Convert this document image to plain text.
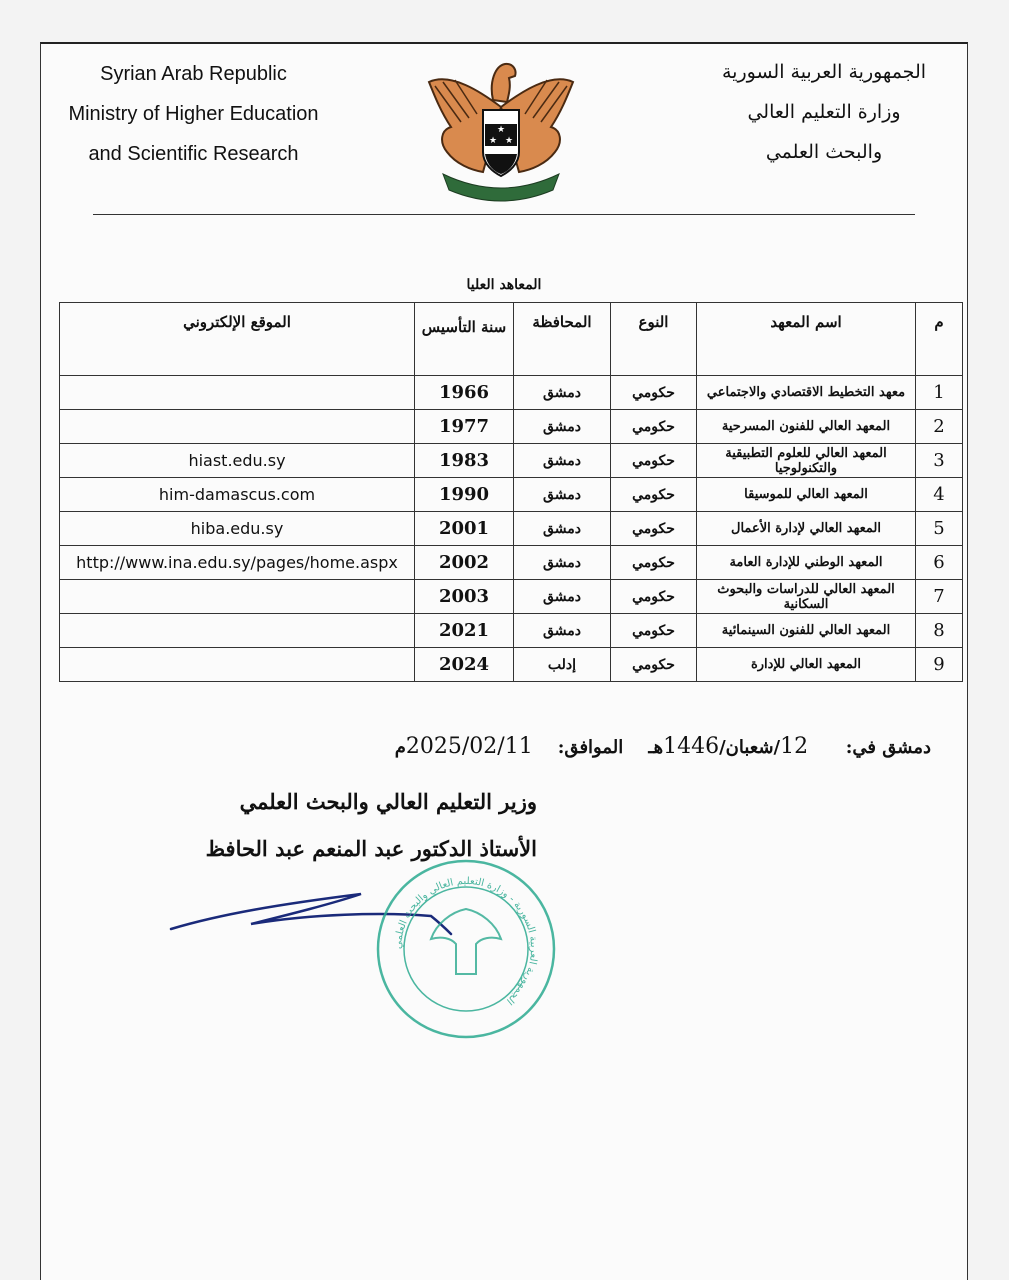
Syrian Arab Republic
Ministry of Higher Education
and Scientific Research
★
★ ★
الجمهورية العربية السورية
وزارة التعليم العالي
والبحث العلمي
المعاهد العليا
م	اسم المعهد	النوع	المحافظة	سنة التأسيس	الموقع الإلكتروني
1	معهد التخطيط الاقتصادي والاجتماعي	حكومي	دمشق	1966	
2	المعهد العالي للفنون المسرحية	حكومي	دمشق	1977	
3	المعهد العالي للعلوم التطبيقية والتكنولوجيا	حكومي	دمشق	1983	hiast.edu.sy
4	المعهد العالي للموسيقا	حكومي	دمشق	1990	him-damascus.com
5	المعهد العالي لإدارة الأعمال	حكومي	دمشق	2001	hiba.edu.sy
6	المعهد الوطني للإدارة العامة	حكومي	دمشق	2002	http://www.ina.edu.sy/pages/home.aspx
7	المعهد العالي للدراسات والبحوث السكانية	حكومي	دمشق	2003	
8	المعهد العالي للفنون السينمائية	حكومي	دمشق	2021	
9	المعهد العالي للإدارة	حكومي	إدلب	2024	
دمشق في:      12/شعبان/1446هـ    الموافق:    2025/02/11م
وزير التعليم العالي والبحث العلمي
الأستاذ الدكتور عبد المنعم عبد الحافظ
الجمهورية العربية السورية - وزارة التعليم العالي والبحث العلمي
